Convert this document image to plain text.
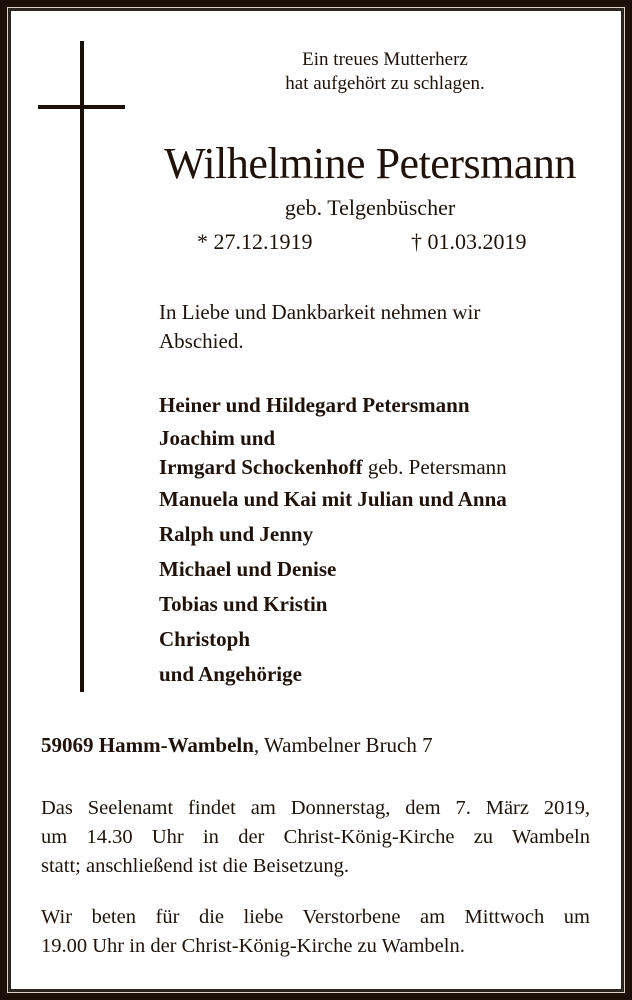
Ein treues Mutterherz
hat aufgehört zu schlagen.
Wilhelmine Petersmann
geb. Telgenbüscher
* 27.12.1919	† 01.03.2019
In Liebe und Dankbarkeit nehmen wir
Abschied.
Heiner und Hildegard Petersmann
Joachim und
Irmgard Schockenhoff geb. Petersmann
Manuela und Kai mit Julian und Anna
Ralph und Jenny
Michael und Denise
Tobias und Kristin
Christoph
und Angehörige
59069 Hamm-Wambeln, Wambelner Bruch 7
Das Seelenamt findet am Donnerstag, dem 7. März 2019,
um 14.30 Uhr in der Christ-König-Kirche zu Wambeln
statt; anschließend ist die Beisetzung.
Wir beten für die liebe Verstorbene am Mittwoch um
19.00 Uhr in der Christ-König-Kirche zu Wambeln.
